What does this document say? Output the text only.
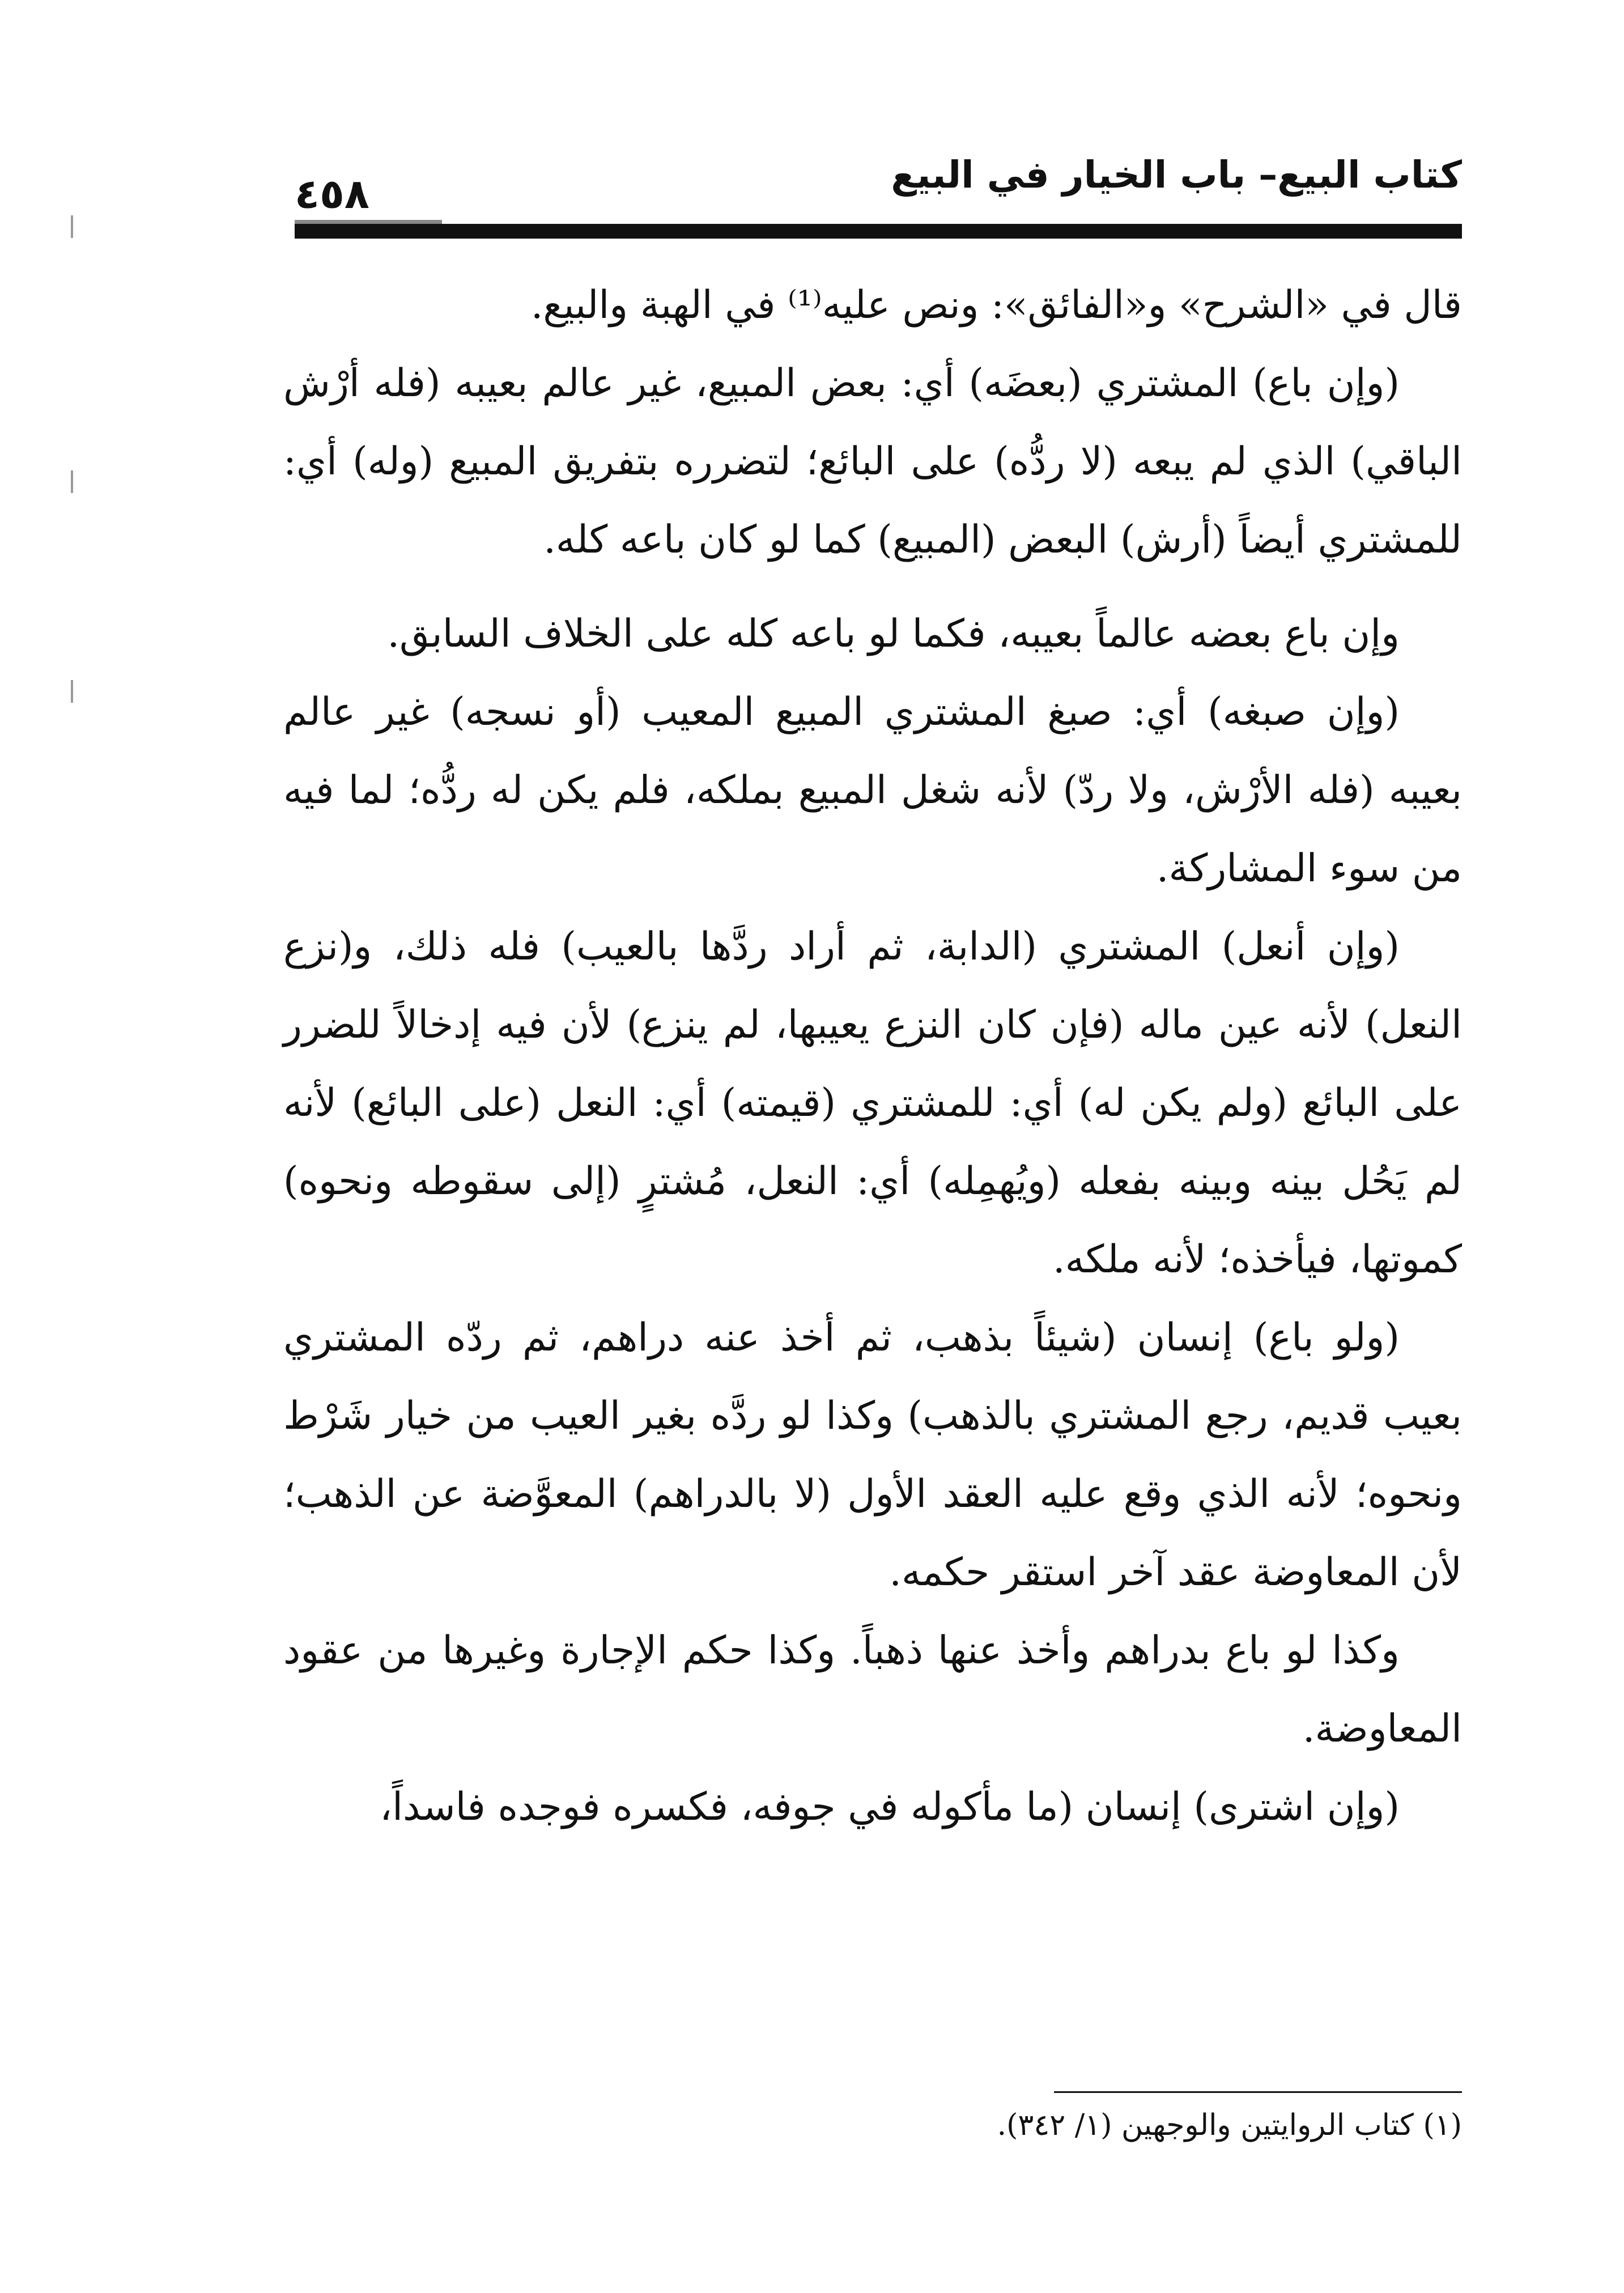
كتاب البيع– باب الخيار في البيع
٤٥٨

قال في «الشرح» و«الفائق»: ونص عليه⁽¹⁾ في الهبة والبيع.

(وإن باع) المشتري (بعضَه) أي: بعض المبيع، غير عالم بعيبه (فله أرْش الباقي) الذي لم يبعه (لا ردُّه) على البائع؛ لتضرره بتفريق المبيع (وله) أي: للمشتري أيضاً (أرش) البعض (المبيع) كما لو كان باعه كله.

وإن باع بعضه عالماً بعيبه، فكما لو باعه كله على الخلاف السابق.

(وإن صبغه) أي: صبغ المشتري المبيع المعيب (أو نسجه) غير عالم بعيبه (فله الأرْش، ولا ردّ) لأنه شغل المبيع بملكه، فلم يكن له ردُّه؛ لما فيه من سوء المشاركة.

(وإن أنعل) المشتري (الدابة، ثم أراد ردَّها بالعيب) فله ذلك، و(نزع النعل) لأنه عين ماله (فإن كان النزع يعيبها، لم ينزع) لأن فيه إدخالاً للضرر على البائع (ولم يكن له) أي: للمشتري (قيمته) أي: النعل (على البائع) لأنه لم يَحُل بينه وبينه بفعله (ويُهمِله) أي: النعل، مُشترٍ (إلى سقوطه ونحوه) كموتها، فيأخذه؛ لأنه ملكه.

(ولو باع) إنسان (شيئاً بذهب، ثم أخذ عنه دراهم، ثم ردّه المشتري بعيب قديم، رجع المشتري بالذهب) وكذا لو ردَّه بغير العيب من خيار شَرْط ونحوه؛ لأنه الذي وقع عليه العقد الأول (لا بالدراهم) المعوَّضة عن الذهب؛ لأن المعاوضة عقد آخر استقر حكمه.

وكذا لو باع بدراهم وأخذ عنها ذهباً. وكذا حكم الإجارة وغيرها من عقود المعاوضة.

(وإن اشترى) إنسان (ما مأكوله في جوفه، فكسره فوجده فاسداً،

(١) كتاب الروايتين والوجهين (١/ ٣٤٢).
